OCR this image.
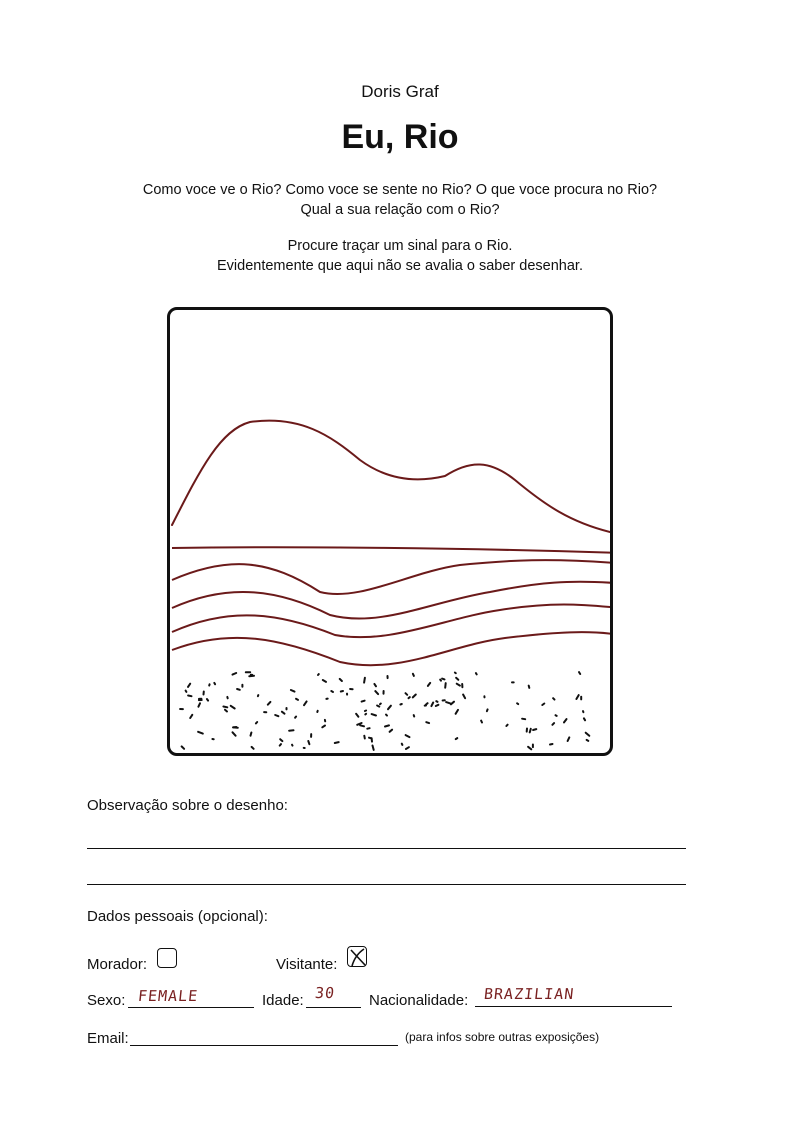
Doris Graf
Eu, Rio
Como voce ve o Rio? Como voce se sente no Rio? O que voce procura no Rio?
Qual a sua relação com o Rio?
Procure traçar um sinal para o Rio.
Evidentemente que aqui não se avalia o saber desenhar.
Observação sobre o desenho:
Dados pessoais (opcional):
Morador:	Visitante:
Sexo: FEMALE	Idade: 30 Nacionalidade: BRAZILIAN
Email:	(para infos sobre outras exposições)
